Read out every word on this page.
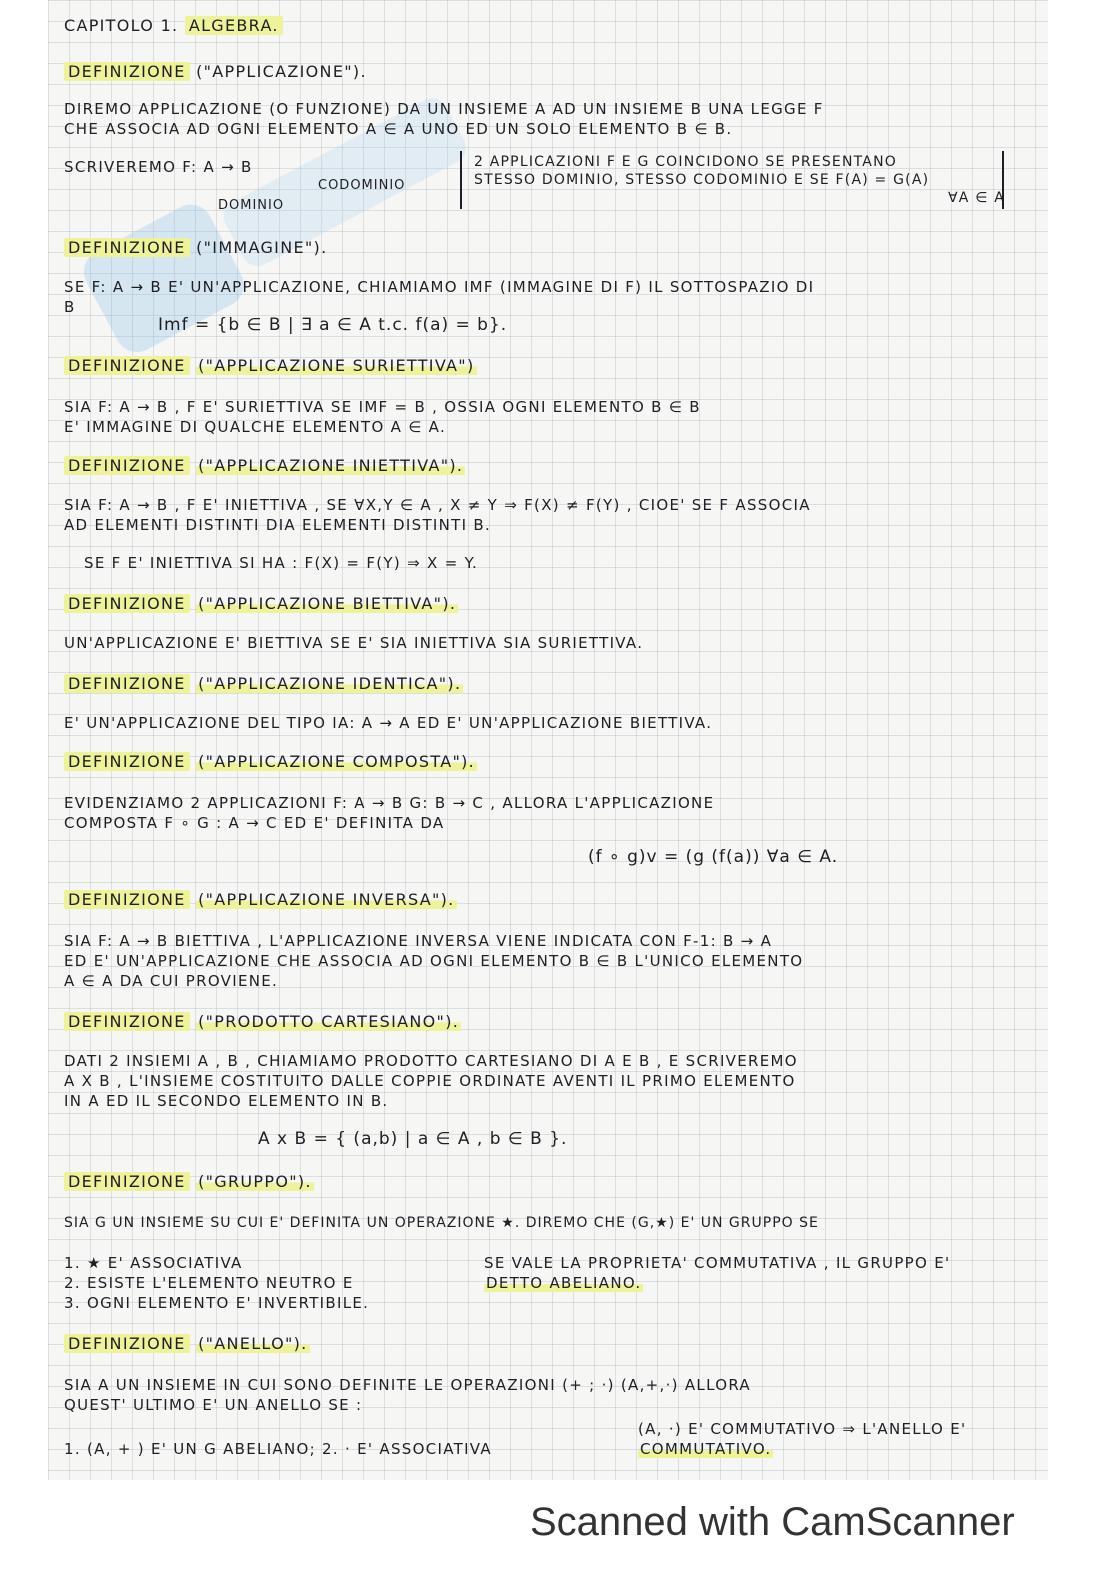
CAPITOLO 1. ALGEBRA.
DEFINIZIONE ("APPLICAZIONE").
DIREMO APPLICAZIONE (O FUNZIONE) DA UN INSIEME A AD UN INSIEME B UNA LEGGE F
CHE ASSOCIA AD OGNI ELEMENTO A ∈ A UNO ED UN SOLO ELEMENTO B ∈ B.
SCRIVEREMO F: A → B
DOMINIO
CODOMINIO
2 APPLICAZIONI F E G COINCIDONO SE PRESENTANO
STESSO DOMINIO, STESSO CODOMINIO E SE F(A) = G(A)
∀A ∈ A
DEFINIZIONE ("IMMAGINE").
SE F: A → B E' UN'APPLICAZIONE, CHIAMIAMO IMF (IMMAGINE DI F) IL SOTTOSPAZIO DI
B
Imf = {b ∈ B | ∃ a ∈ A t.c. f(a) = b}.
DEFINIZIONE ("APPLICAZIONE SURIETTIVA")
SIA F: A → B , F E' SURIETTIVA SE IMF = B , OSSIA OGNI ELEMENTO B ∈ B
E' IMMAGINE DI QUALCHE ELEMENTO A ∈ A.
DEFINIZIONE ("APPLICAZIONE INIETTIVA").
SIA F: A → B , F E' INIETTIVA , SE ∀X,Y ∈ A , X ≠ Y ⇒ F(X) ≠ F(Y) , CIOE' SE F ASSOCIA
AD ELEMENTI DISTINTI DIA ELEMENTI DISTINTI B.
SE F E' INIETTIVA SI HA : F(X) = F(Y) ⇒ X = Y.
DEFINIZIONE ("APPLICAZIONE BIETTIVA").
UN'APPLICAZIONE E' BIETTIVA SE E' SIA INIETTIVA SIA SURIETTIVA.
DEFINIZIONE ("APPLICAZIONE IDENTICA").
E' UN'APPLICAZIONE DEL TIPO IA: A → A ED E' UN'APPLICAZIONE BIETTIVA.
DEFINIZIONE ("APPLICAZIONE COMPOSTA").
EVIDENZIAMO 2 APPLICAZIONI F: A → B G: B → C , ALLORA L'APPLICAZIONE
COMPOSTA F ∘ G : A → C ED E' DEFINITA DA
(f ∘ g)v = (g (f(a)) ∀a ∈ A.
DEFINIZIONE ("APPLICAZIONE INVERSA").
SIA F: A → B BIETTIVA , L'APPLICAZIONE INVERSA VIENE INDICATA CON F-1: B → A
ED E' UN'APPLICAZIONE CHE ASSOCIA AD OGNI ELEMENTO B ∈ B L'UNICO ELEMENTO
A ∈ A DA CUI PROVIENE.
DEFINIZIONE ("PRODOTTO CARTESIANO").
DATI 2 INSIEMI A , B , CHIAMIAMO PRODOTTO CARTESIANO DI A E B , E SCRIVEREMO
A X B , L'INSIEME COSTITUITO DALLE COPPIE ORDINATE AVENTI IL PRIMO ELEMENTO
IN A ED IL SECONDO ELEMENTO IN B.
A x B = { (a,b) | a ∈ A , b ∈ B }.
DEFINIZIONE ("GRUPPO").
SIA G UN INSIEME SU CUI E' DEFINITA UN OPERAZIONE ★. DIREMO CHE (G,★) E' UN GRUPPO SE
1. ★ E' ASSOCIATIVA
2. ESISTE L'ELEMENTO NEUTRO E
3. OGNI ELEMENTO E' INVERTIBILE.
SE VALE LA PROPRIETA' COMMUTATIVA , IL GRUPPO E'
DETTO ABELIANO.
DEFINIZIONE ("ANELLO").
SIA A UN INSIEME IN CUI SONO DEFINITE LE OPERAZIONI (+ ; ·) (A,+,·) ALLORA
QUEST' ULTIMO E' UN ANELLO SE :
(A, ·) E' COMMUTATIVO ⇒ L'ANELLO E'
COMMUTATIVO.
1. (A, + ) E' UN G ABELIANO; 2. · E' ASSOCIATIVA
Scanned with CamScanner
